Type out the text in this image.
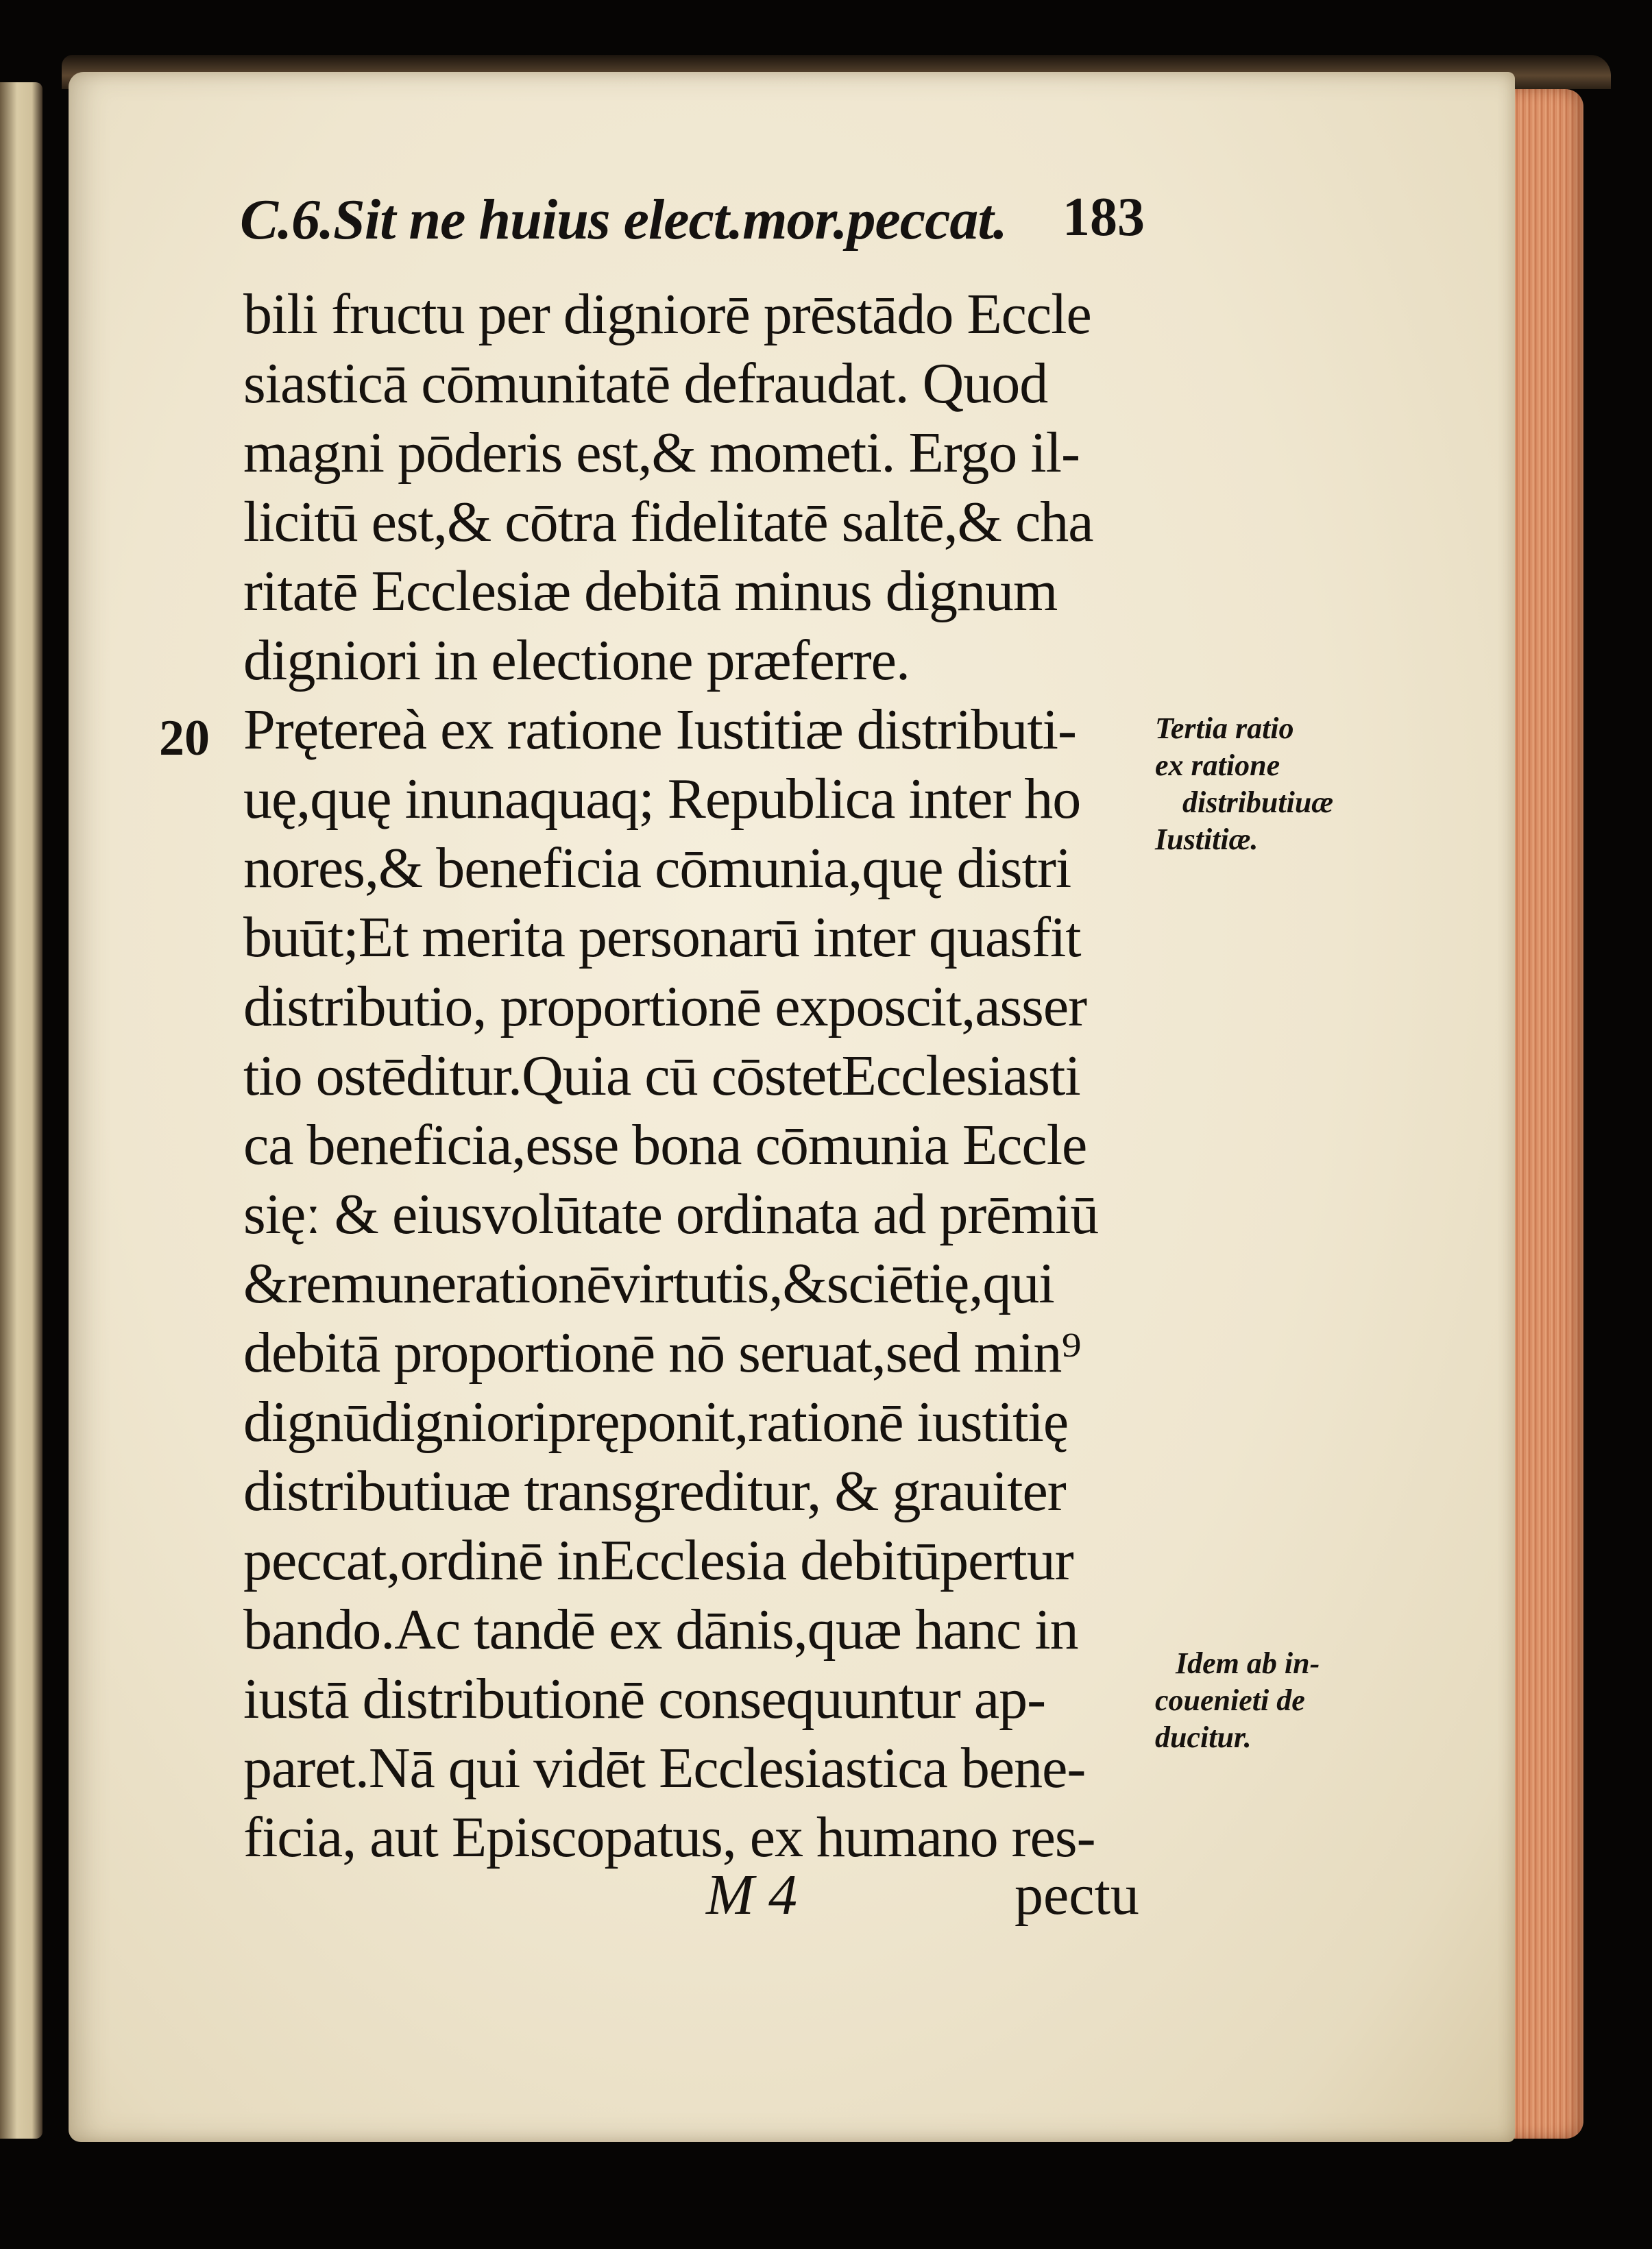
C.6.Sit ne huius elect.mor.peccat. 183
20
bili fructu per digniorē prēstādo Eccle
siasticā cōmunitatē defraudat. Quod
magni pōderis est,& mometi. Ergo il-
licitū est,& cōtra fidelitatē saltē,& cha
ritatē Ecclesiæ debitā minus dignum
digniori in electione præferre.
Prętereà ex ratione Iustitiæ distributi-
uę,quę inunaquaq; Republica inter ho
nores,& beneficia cōmunia,quę distri
buūt;Et merita personarū inter quasfit
distributio, proportionē exposcit,asser
tio ostēditur.Quia cū cōstetEcclesiasti
ca beneficia,esse bona cōmunia Eccle
sięː & eiusvolūtate ordinata ad prēmiū
&remunerationēvirtutis,&sciētię,qui
debitā proportionē nō seruat,sed min⁹
dignūdigniorіprępοnit,rationē iustitię
distributiuæ transgreditur, & grauiter
peccat,ordinē inEcclesia debitūpertur
bando.Ac tandē ex dānis,quæ hanc in
iustā distributionē consequuntur ap-
paret.Nā qui vidēt Ecclesiastica bene-
ficia, aut Episcopatus, ex humano res-
Tertia ratio
ex ratione
distributiuæ
Iustitiæ.
Idem ab in-
couenieti de
ducitur.
M 4	pectu
